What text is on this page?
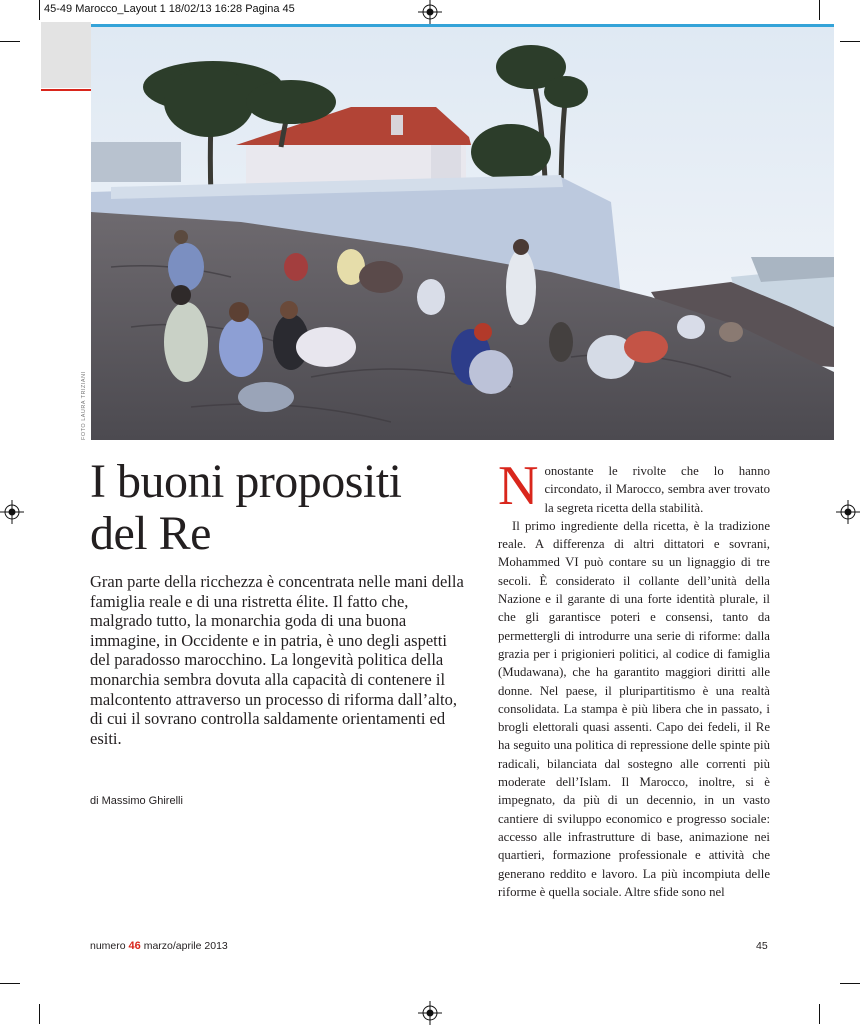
45-49 Marocco_Layout 1 18/02/13 16:28 Pagina 45
FOTO LAURA TRIZIANI
I buoni propositi
del Re

Gran parte della ricchezza è concentrata nelle mani della famiglia reale e di una ristretta élite. Il fatto che, malgrado tutto, la monarchia goda di una buona immagine, in Occidente e in patria, è uno degli aspetti del paradosso marocchino. La longevità politica della monarchia sembra dovuta alla capacità di contenere il malcontento attraverso un processo di riforma dall’alto, di cui il sovrano controlla saldamente orientamenti ed esiti.

di Massimo Ghirelli

Nonostante le rivolte che lo hanno circondato, il Marocco, sembra aver trovato la segreta ricetta della stabilità.

Il primo ingrediente della ricetta, è la tradizione reale. A differenza di altri dittatori e sovrani, Mohammed VI può contare su un lignaggio di tre secoli. È considerato il collante dell’unità della Nazione e il garante di una forte identità plurale, il che gli garantisce poteri e consensi, tanto da permettergli di introdurre una serie di riforme: dalla grazia per i prigionieri politici, al codice di famiglia (Mudawana), che ha garantito maggiori diritti alle donne. Nel paese, il pluripartitismo è una realtà consolidata. La stampa è più libera che in passato, i brogli elettorali quasi assenti. Capo dei fedeli, il Re ha seguito una politica di repressione delle spinte più radicali, bilanciata dal sostegno alle correnti più moderate dell’Islam. Il Marocco, inoltre, si è impegnato, da più di un decennio, in un vasto cantiere di sviluppo economico e progresso sociale: accesso alle infrastrutture di base, animazione nei quartieri, formazione professionale e attività che generano reddito e lavoro. La più incompiuta delle riforme è quella sociale. Altre sfide sono nel

numero 46 marzo/aprile 2013	45
